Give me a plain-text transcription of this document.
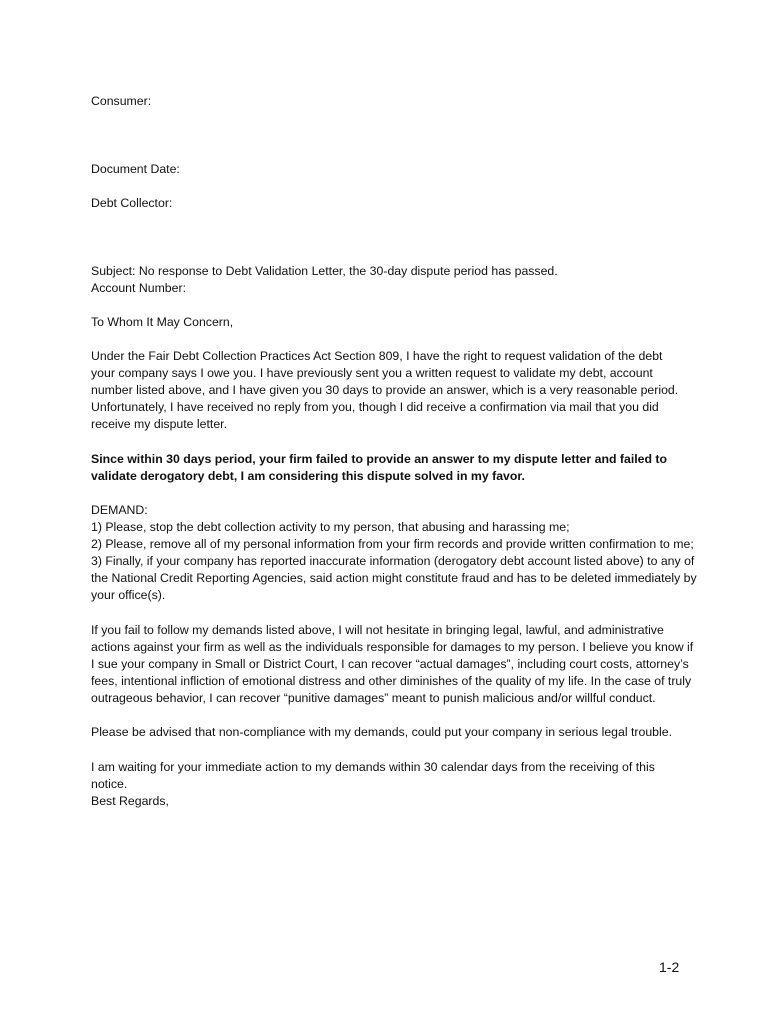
Consumer:
Document Date:
Debt Collector:
Subject: No response to Debt Validation Letter, the 30-day dispute period has passed.
Account Number:
To Whom It May Concern,
Under the Fair Debt Collection Practices Act Section 809, I have the right to request validation of the debt
your company says I owe you. I have previously sent you a written request to validate my debt, account
number listed above, and I have given you 30 days to provide an answer, which is a very reasonable period.
Unfortunately, I have received no reply from you, though I did receive a confirmation via mail that you did
receive my dispute letter.
Since within 30 days period, your firm failed to provide an answer to my dispute letter and failed to
validate derogatory debt, I am considering this dispute solved in my favor.
DEMAND:
1) Please, stop the debt collection activity to my person, that abusing and harassing me;
2) Please, remove all of my personal information from your firm records and provide written confirmation to me;
3) Finally, if your company has reported inaccurate information (derogatory debt account listed above) to any of
the National Credit Reporting Agencies, said action might constitute fraud and has to be deleted immediately by
your office(s).
If you fail to follow my demands listed above, I will not hesitate in bringing legal, lawful, and administrative
actions against your firm as well as the individuals responsible for damages to my person. I believe you know if
I sue your company in Small or District Court, I can recover “actual damages”, including court costs, attorney’s
fees, intentional infliction of emotional distress and other diminishes of the quality of my life. In the case of truly
outrageous behavior, I can recover “punitive damages” meant to punish malicious and/or willful conduct.
Please be advised that non-compliance with my demands, could put your company in serious legal trouble.
I am waiting for your immediate action to my demands within 30 calendar days from the receiving of this
notice.
Best Regards,
1-2
